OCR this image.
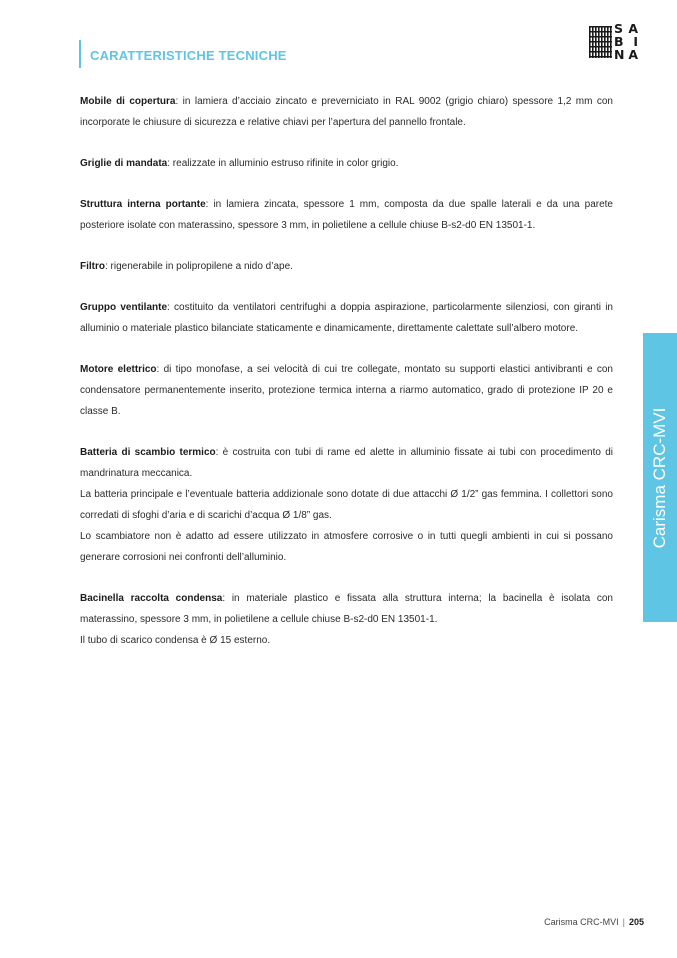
CARATTERISTICHE TECNICHE
S A
B I
N A

Mobile di copertura: in lamiera d’acciaio zincato e preverniciato in RAL 9002 (grigio chiaro) spessore 1,2 mm con incorporate le chiusure di sicurezza e relative chiavi per l’apertura del pannello frontale.

Griglie di mandata: realizzate in alluminio estruso rifinite in color grigio.

Struttura interna portante: in lamiera zincata, spessore 1 mm, composta da due spalle laterali e da una parete posteriore isolate con materassino, spessore 3 mm, in polietilene a cellule chiuse B-s2-d0 EN 13501-1.

Filtro: rigenerabile in polipropilene a nido d’ape.

Gruppo ventilante: costituito da ventilatori centrifughi a doppia aspirazione, particolarmente silenziosi, con giranti in alluminio o materiale plastico bilanciate staticamente e dinamicamente, direttamente calettate sull’albero motore.

Motore elettrico: di tipo monofase, a sei velocità di cui tre collegate, montato su supporti elastici antivibranti e con condensatore permanentemente inserito, protezione termica interna a riarmo automatico, grado di protezione IP 20 e classe B.

Batteria di scambio termico: è costruita con tubi di rame ed alette in alluminio fissate ai tubi con procedimento di mandrinatura meccanica.
La batteria principale e l’eventuale batteria addizionale sono dotate di due attacchi Ø 1/2” gas femmina. I collettori sono corredati di sfoghi d’aria e di scarichi d’acqua Ø 1/8” gas.
Lo scambiatore non è adatto ad essere utilizzato in atmosfere corrosive o in tutti quegli ambienti in cui si possano generare corrosioni nei confronti dell’alluminio.

Bacinella raccolta condensa: in materiale plastico e fissata alla struttura interna; la bacinella è isolata con materassino, spessore 3 mm, in polietilene a cellule chiuse B-s2-d0 EN 13501-1.
Il tubo di scarico condensa è Ø 15 esterno.

Carisma CRC-MVI
Carisma CRC-MVI | 205
